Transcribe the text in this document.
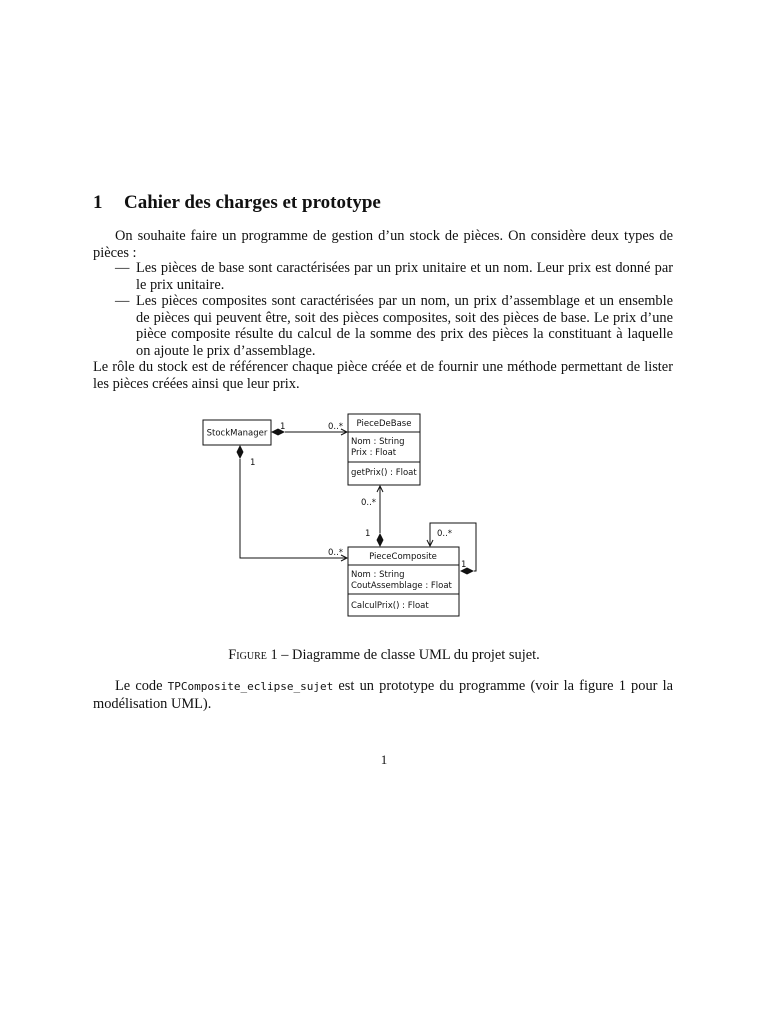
1 Cahier des charges et prototype

On souhaite faire un programme de gestion d’un stock de pièces. On considère deux types de pièces :

— Les pièces de base sont caractérisées par un prix unitaire et un nom. Leur prix est donné par le prix unitaire.
— Les pièces composites sont caractérisées par un nom, un prix d’assemblage et un ensemble de pièces qui peuvent être, soit des pièces composites, soit des pièces de base. Le prix d’une pièce composite résulte du calcul de la somme des prix des pièces la constituant à laquelle on ajoute le prix d’assemblage.

Le rôle du stock est de référencer chaque pièce créée et de fournir une méthode permettant de lister les pièces créées ainsi que leur prix.

StockManager
PieceDeBase
Nom : String
Prix : Float
getPrix() : Float
PieceComposite
Nom : String
CoutAssemblage : Float
CalculPrix() : Float
1	0..*
1
0..*
0..*
1	0..*
1

Figure 1 – Diagramme de classe UML du projet sujet.

Le code TPComposite_eclipse_sujet est un prototype du programme (voir la figure 1 pour la modélisation UML).

1
